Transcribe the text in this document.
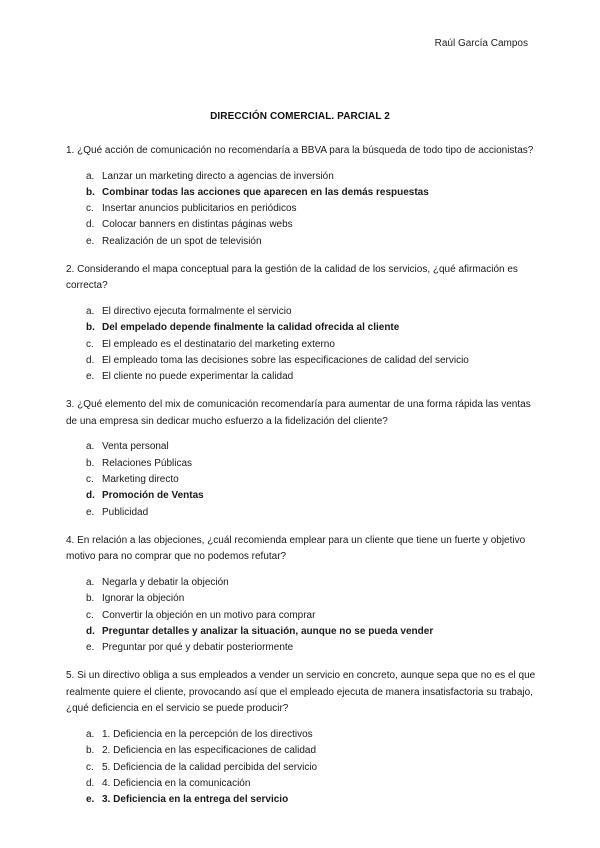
Raúl García Campos
DIRECCIÓN COMERCIAL. PARCIAL 2
1. ¿Qué acción de comunicación no recomendaría a BBVA para la búsqueda de todo tipo de accionistas?
a. Lanzar un marketing directo a agencias de inversión
b. Combinar todas las acciones que aparecen en las demás respuestas
c. Insertar anuncios publicitarios en periódicos
d. Colocar banners en distintas páginas webs
e. Realización de un spot de televisión
2. Considerando el mapa conceptual para la gestión de la calidad de los servicios, ¿qué afirmación es correcta?
a. El directivo ejecuta formalmente el servicio
b. Del empelado depende finalmente la calidad ofrecida al cliente
c. El empleado es el destinatario del marketing externo
d. El empleado toma las decisiones sobre las especificaciones de calidad del servicio
e. El cliente no puede experimentar la calidad
3. ¿Qué elemento del mix de comunicación recomendaría para aumentar de una forma rápida las ventas de una empresa sin dedicar mucho esfuerzo a la fidelización del cliente?
a. Venta personal
b. Relaciones Públicas
c. Marketing directo
d. Promoción de Ventas
e. Publicidad
4. En relación a las objeciones, ¿cuál recomienda emplear para un cliente que tiene un fuerte y objetivo motivo para no comprar que no podemos refutar?
a. Negarla y debatir la objeción
b. Ignorar la objeción
c. Convertir la objeción en un motivo para comprar
d. Preguntar detalles y analizar la situación, aunque no se pueda vender
e. Preguntar por qué y debatir posteriormente
5. Si un directivo obliga a sus empleados a vender un servicio en concreto, aunque sepa que no es el que realmente quiere el cliente, provocando así que el empleado ejecuta de manera insatisfactoria su trabajo, ¿qué deficiencia en el servicio se puede producir?
a. 1. Deficiencia en la percepción de los directivos
b. 2. Deficiencia en las especificaciones de calidad
c. 5. Deficiencia de la calidad percibida del servicio
d. 4. Deficiencia en la comunicación
e. 3. Deficiencia en la entrega del servicio
